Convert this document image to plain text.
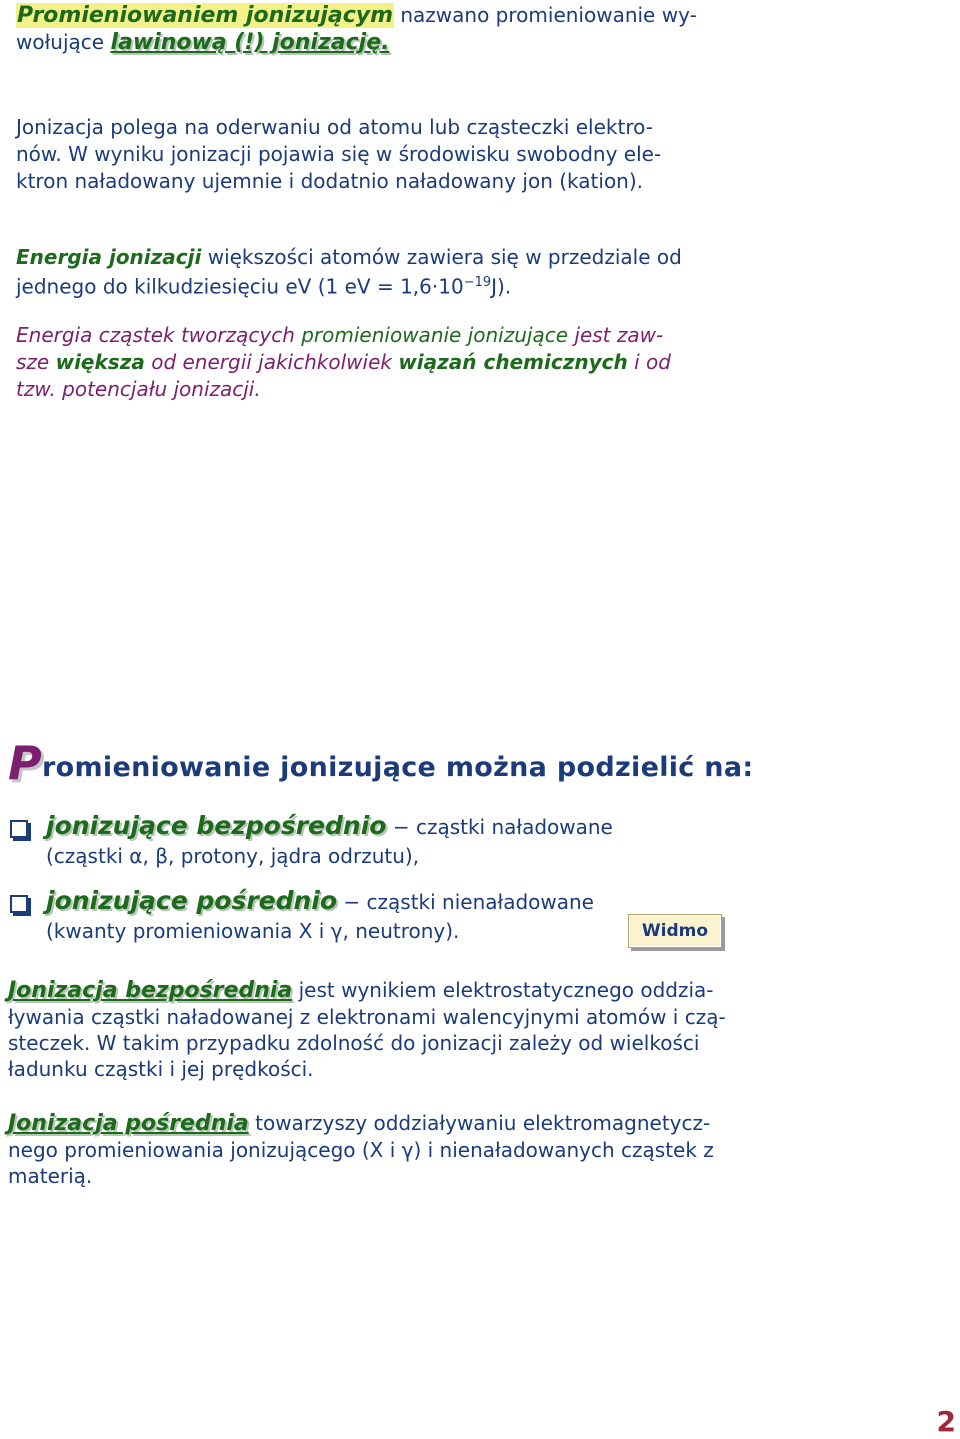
Promieniowaniem jonizującym nazwano promieniowanie wy-
wołujące lawinową (!) jonizację.
Jonizacja polega na oderwaniu od atomu lub cząsteczki elektro-
nów. W wyniku jonizacji pojawia się w środowisku swobodny ele-
ktron naładowany ujemnie i dodatnio naładowany jon (kation).
Energia jonizacji większości atomów zawiera się w przedziale od
jednego do kilkudziesięciu eV (1 eV = $1,6\cdot 10^{-19}J$).
Energia cząstek tworzących promieniowanie jonizujące jest zaw-
sze większa od energii jakichkolwiek wiązań chemicznych i od
tzw. potencjału jonizacji.
Promieniowanie jonizujące można podzielić na:
jonizujące bezpośrednio − cząstki naładowane
(cząstki α, β, protony, jądra odrzutu),
jonizujące pośrednio − cząstki nienaładowane
(kwanty promieniowania X i γ, neutrony).	Widmo
Jonizacja bezpośrednia jest wynikiem elektrostatycznego oddzia-
ływania cząstki naładowanej z elektronami walencyjnymi atomów i czą-
steczek. W takim przypadku zdolność do jonizacji zależy od wielkości
ładunku cząstki i jej prędkości.
Jonizacja pośrednia towarzyszy oddziaływaniu elektromagnetycz-
nego promieniowania jonizującego (X i γ) i nienaładowanych cząstek z
materią.
2
